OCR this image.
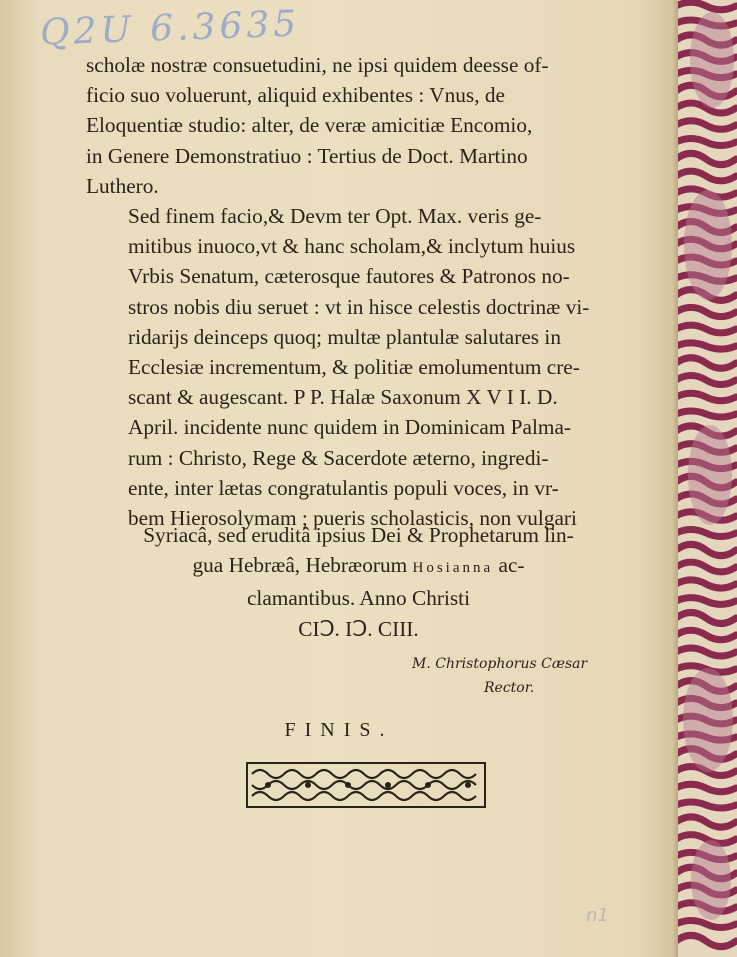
Q2U 6.3635

scholæ nostræ consuetudini, ne ipsi quidem deesse of-
ficio suo voluerunt, aliquid exhibentes : Vnus, de
Eloquentiæ studio: alter, de veræ amicitiæ Encomio,
in Genere Demonstratiuo : Tertius de Doct. Martino
Luthero.

Sed finem facio,& Devm ter Opt. Max. veris ge-
mitibus inuoco,vt & hanc scholam,& inclytum huius
Vrbis Senatum, cæterosque fautores & Patronos no-
stros nobis diu seruet : vt in hisce celestis doctrinæ vi-
ridarijs deinceps quoq; multæ plantulæ salutares in
Ecclesiæ incrementum, & politiæ emolumentum cre-
scant & augescant. P P. Halæ Saxonum X V I I. D.
April. incidente nunc quidem in Dominicam Palma-
rum : Christo, Rege & Sacerdote æterno, ingredi-
ente, inter lætas congratulantis populi voces, in vr-
bem Hierosolymam ; pueris scholasticis, non vulgari

Syriacâ, sed eruditâ ipsius Dei & Prophetarum lin-
gua Hebræâ, Hebræorum Hosianna ac-
clamantibus. Anno Christi
CIↃ. IↃ. CIII.
M. Christophorus Cæsar
Rector.
FINIS.
n1
